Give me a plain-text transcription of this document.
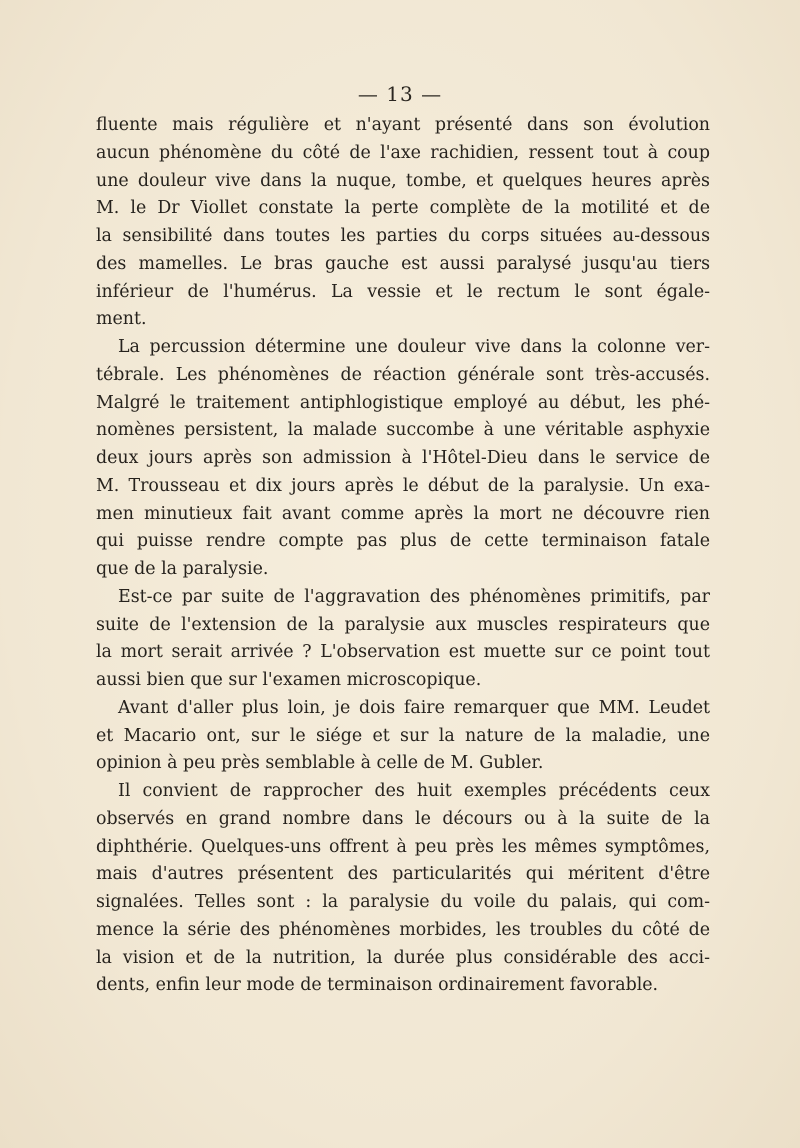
— 13 —
fluente mais régulière et n'ayant présenté dans son évolution
aucun phénomène du côté de l'axe rachidien, ressent tout à coup
une douleur vive dans la nuque, tombe, et quelques heures après
M. le Dr Viollet constate la perte complète de la motilité et de
la sensibilité dans toutes les parties du corps situées au-dessous
des mamelles. Le bras gauche est aussi paralysé jusqu'au tiers
inférieur de l'humérus. La vessie et le rectum le sont égale-
ment.
La percussion détermine une douleur vive dans la colonne ver-
tébrale. Les phénomènes de réaction générale sont très-accusés.
Malgré le traitement antiphlogistique employé au début, les phé-
nomènes persistent, la malade succombe à une véritable asphyxie
deux jours après son admission à l'Hôtel-Dieu dans le service de
M. Trousseau et dix jours après le début de la paralysie. Un exa-
men minutieux fait avant comme après la mort ne découvre rien
qui puisse rendre compte pas plus de cette terminaison fatale
que de la paralysie.
Est-ce par suite de l'aggravation des phénomènes primitifs, par
suite de l'extension de la paralysie aux muscles respirateurs que
la mort serait arrivée ? L'observation est muette sur ce point tout
aussi bien que sur l'examen microscopique.
Avant d'aller plus loin, je dois faire remarquer que MM. Leudet
et Macario ont, sur le siége et sur la nature de la maladie, une
opinion à peu près semblable à celle de M. Gubler.
Il convient de rapprocher des huit exemples précédents ceux
observés en grand nombre dans le décours ou à la suite de la
diphthérie. Quelques-uns offrent à peu près les mêmes symptômes,
mais d'autres présentent des particularités qui méritent d'être
signalées. Telles sont : la paralysie du voile du palais, qui com-
mence la série des phénomènes morbides, les troubles du côté de
la vision et de la nutrition, la durée plus considérable des acci-
dents, enfin leur mode de terminaison ordinairement favorable.
